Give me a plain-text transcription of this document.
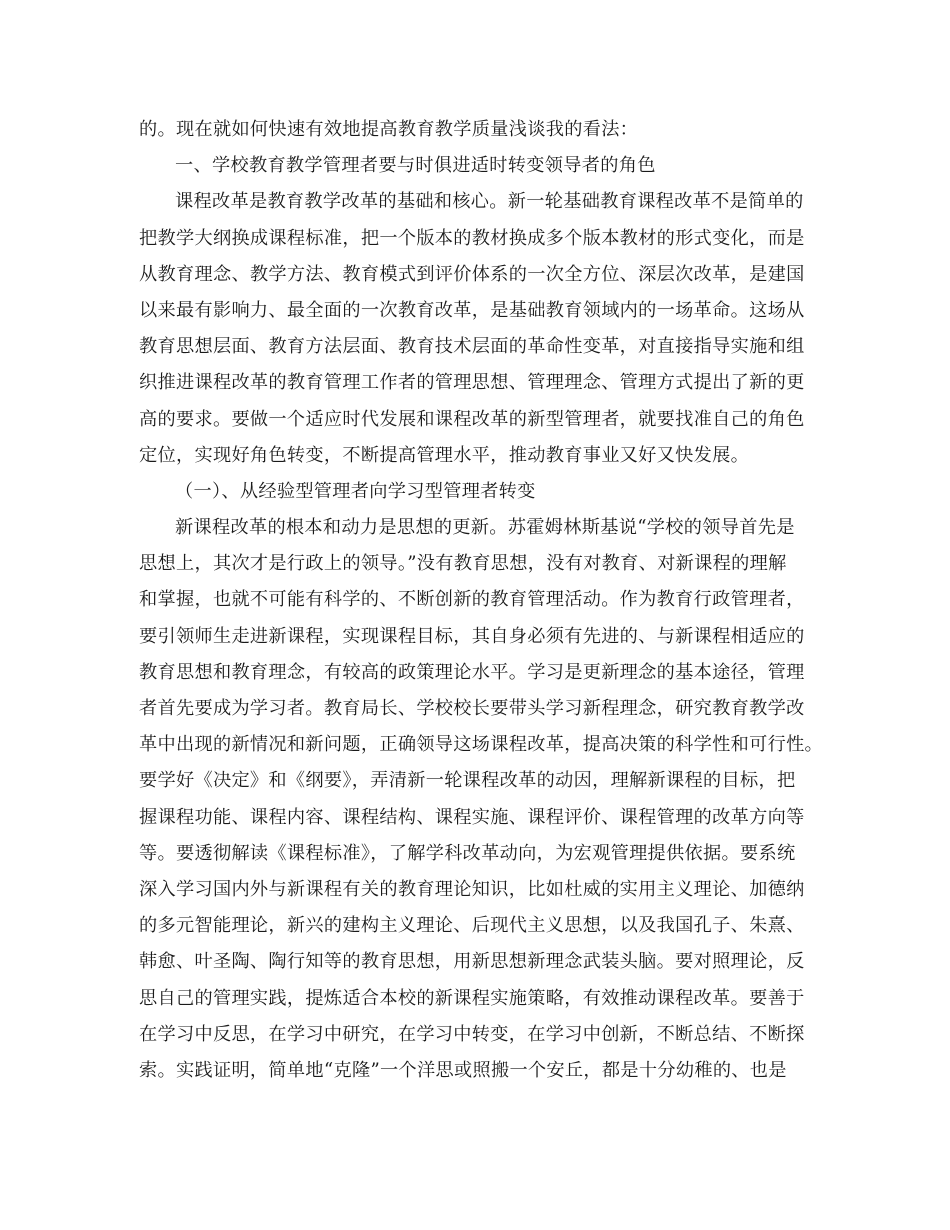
的。现在就如何快速有效地提高教育教学质量浅谈我的看法：
一、学校教育教学管理者要与时俱进适时转变领导者的角色
课程改革是教育教学改革的基础和核心。新一轮基础教育课程改革不是简单的
把教学大纲换成课程标准，把一个版本的教材换成多个版本教材的形式变化，而是
从教育理念、教学方法、教育模式到评价体系的一次全方位、深层次改革，是建国
以来最有影响力、最全面的一次教育改革，是基础教育领域内的一场革命。这场从
教育思想层面、教育方法层面、教育技术层面的革命性变革，对直接指导实施和组
织推进课程改革的教育管理工作者的管理思想、管理理念、管理方式提出了新的更
高的要求。要做一个适应时代发展和课程改革的新型管理者，就要找准自己的角色
定位，实现好角色转变，不断提高管理水平，推动教育事业又好又快发展。
（一）、从经验型管理者向学习型管理者转变
新课程改革的根本和动力是思想的更新。苏霍姆林斯基说“学校的领导首先是
思想上，其次才是行政上的领导。”没有教育思想，没有对教育、对新课程的理解
和掌握，也就不可能有科学的、不断创新的教育管理活动。作为教育行政管理者，
要引领师生走进新课程，实现课程目标，其自身必须有先进的、与新课程相适应的
教育思想和教育理念，有较高的政策理论水平。学习是更新理念的基本途径，管理
者首先要成为学习者。教育局长、学校校长要带头学习新程理念，研究教育教学改
革中出现的新情况和新问题，正确领导这场课程改革，提高决策的科学性和可行性。
要学好《决定》和《纲要》，弄清新一轮课程改革的动因，理解新课程的目标，把
握课程功能、课程内容、课程结构、课程实施、课程评价、课程管理的改革方向等
等。要透彻解读《课程标准》，了解学科改革动向，为宏观管理提供依据。要系统
深入学习国内外与新课程有关的教育理论知识，比如杜威的实用主义理论、加德纳
的多元智能理论，新兴的建构主义理论、后现代主义思想，以及我国孔子、朱熹、
韩愈、叶圣陶、陶行知等的教育思想，用新思想新理念武装头脑。要对照理论，反
思自己的管理实践，提炼适合本校的新课程实施策略，有效推动课程改革。要善于
在学习中反思，在学习中研究，在学习中转变，在学习中创新，不断总结、不断探
索。实践证明，简单地“克隆”一个洋思或照搬一个安丘，都是十分幼稚的、也是
